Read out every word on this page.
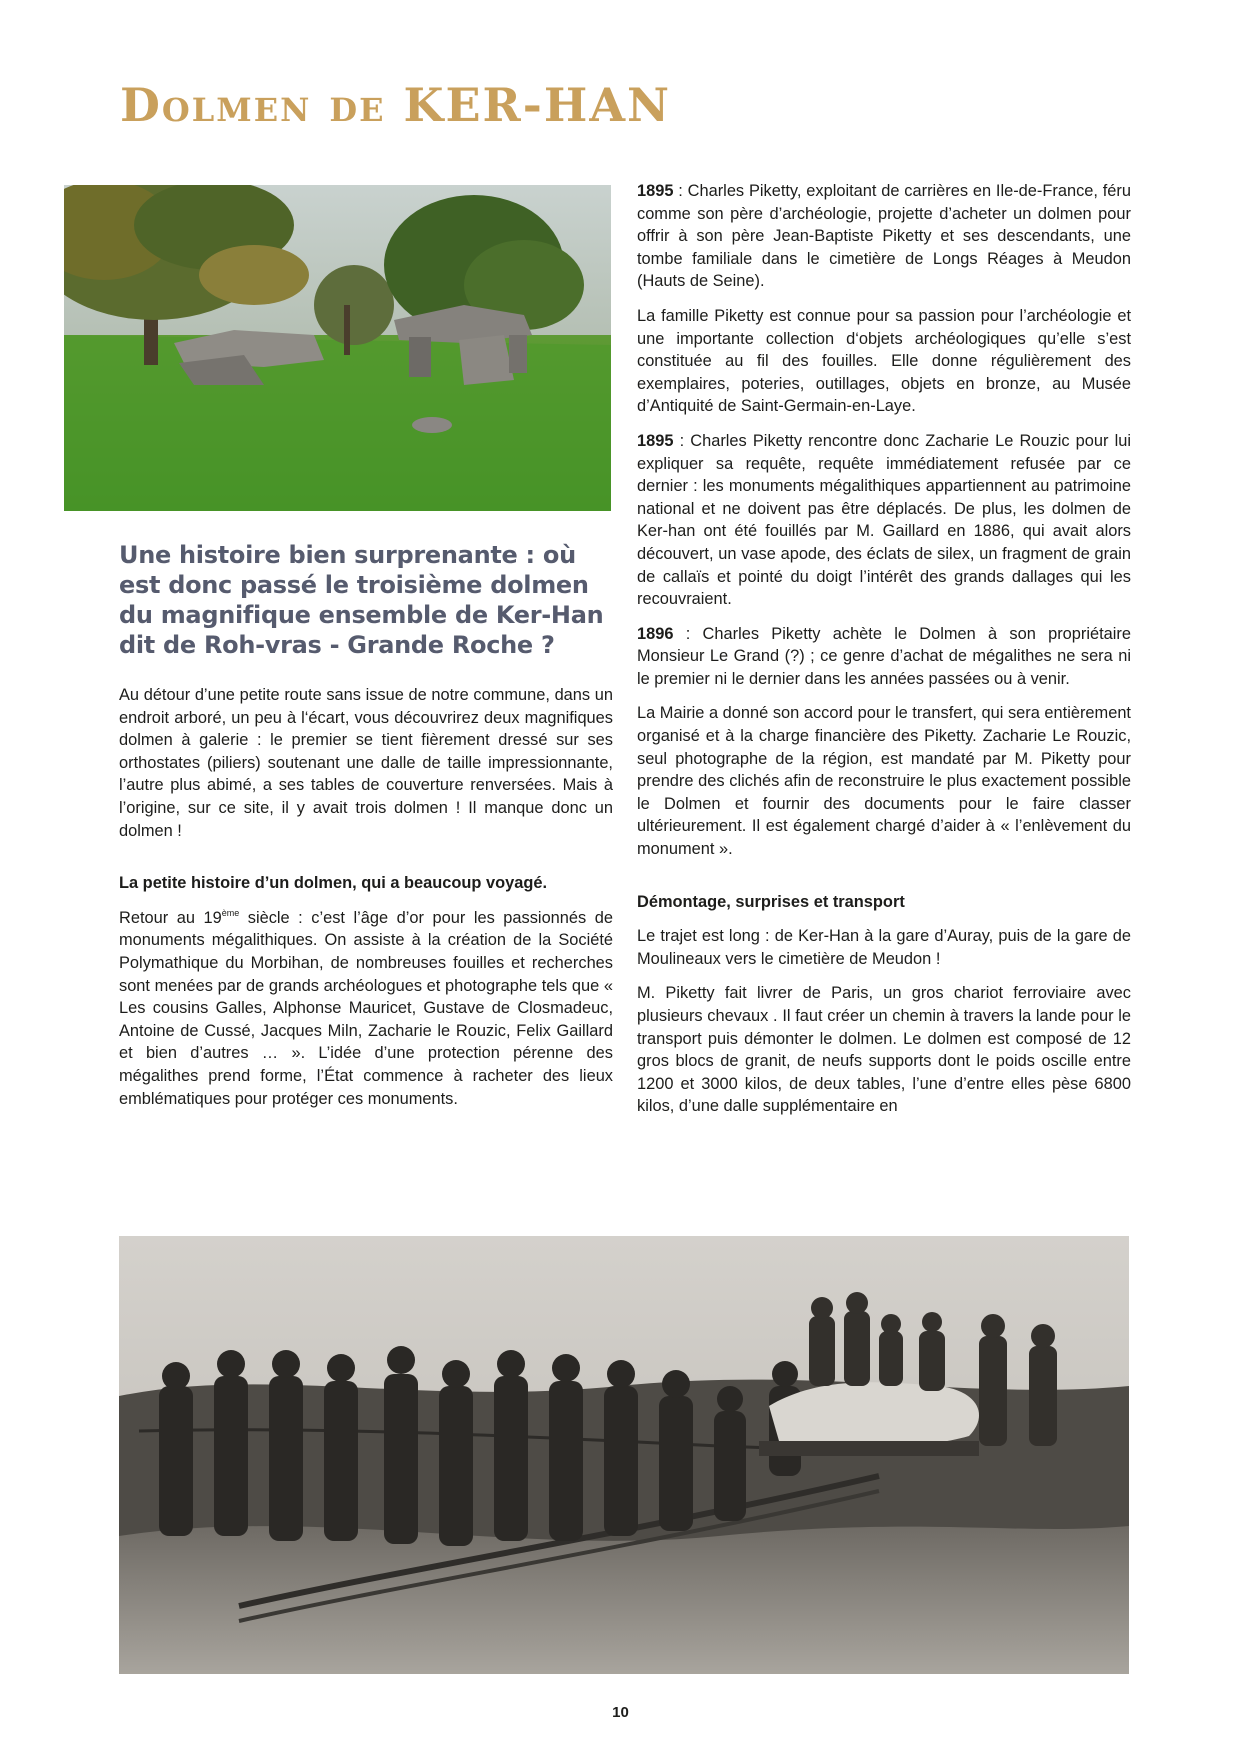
Dolmen de KER-HAN
Une histoire bien surprenante : où est donc passé le troisième dolmen du magnifique ensemble de Ker-Han dit de Roh-vras - Grande Roche ?

Au détour d’une petite route sans issue de notre commune, dans un endroit arboré, un peu à l‘écart, vous découvrirez deux magnifiques dolmen à galerie : le premier se tient fièrement dressé sur ses orthostates (piliers) soutenant une dalle de taille impressionnante, l’autre plus abimé, a ses tables de couverture renversées. Mais à l’origine, sur ce site, il y avait trois dolmen ! Il manque donc un dolmen !

La petite histoire d’un dolmen, qui a beaucoup voyagé.

Retour au 19ème siècle : c’est l’âge d’or pour les passionnés de monuments mégalithiques. On assiste à la création de la Société Polymathique du Morbihan, de nombreuses fouilles et recherches sont menées par de grands archéologues et photographe tels que « Les cousins Galles, Alphonse Mauricet, Gustave de Closmadeuc, Antoine de Cussé, Jacques Miln, Zacharie le Rouzic, Felix Gaillard et bien d’autres … ». L’idée d’une protection pérenne des mégalithes prend forme, l’État commence à racheter des lieux emblématiques pour protéger ces monuments.

1895 : Charles Piketty, exploitant de carrières en Ile-de-France, féru comme son père d’archéologie, projette d’acheter un dolmen pour offrir à son père Jean-Baptiste Piketty et ses descendants, une tombe familiale dans le cimetière de Longs Réages à Meudon (Hauts de Seine).

La famille Piketty est connue pour sa passion pour l’archéologie et une importante collection d‘objets archéologiques qu’elle s’est constituée au fil des fouilles. Elle donne régulièrement des exemplaires, poteries, outillages, objets en bronze, au Musée d’Antiquité de Saint-Germain-en-Laye.

1895 : Charles Piketty rencontre donc Zacharie Le Rouzic pour lui expliquer sa requête, requête immédiatement refusée par ce dernier : les monuments mégalithiques appartiennent au patrimoine national et ne doivent pas être déplacés. De plus, les dolmen de Ker-han ont été fouillés par M. Gaillard en 1886, qui avait alors découvert, un vase apode, des éclats de silex, un fragment de grain de callaïs et pointé du doigt l’intérêt des grands dallages qui les recouvraient.

1896 : Charles Piketty achète le Dolmen à son propriétaire Monsieur Le Grand (?) ; ce genre d’achat de mégalithes ne sera ni le premier ni le dernier dans les années passées ou à venir.

La Mairie a donné son accord pour le transfert, qui sera entièrement organisé et à la charge financière des Piketty. Zacharie Le Rouzic, seul photographe de la région, est mandaté par M. Piketty pour prendre des clichés afin de reconstruire le plus exactement possible le Dolmen et fournir des documents pour le faire classer ultérieurement. Il est également chargé d’aider à « l’enlèvement du monument ».

Démontage, surprises et transport

Le trajet est long : de Ker-Han à la gare d’Auray, puis de la gare de Moulineaux vers le cimetière de Meudon !

M. Piketty fait livrer de Paris, un gros chariot ferroviaire avec plusieurs chevaux . Il faut créer un chemin à travers la lande pour le transport puis démonter le dolmen. Le dolmen est composé de 12 gros blocs de granit, de neufs supports dont le poids oscille entre 1200 et 3000 kilos, de deux tables, l’une d’entre elles pèse 6800 kilos, d’une dalle supplémentaire en

10
